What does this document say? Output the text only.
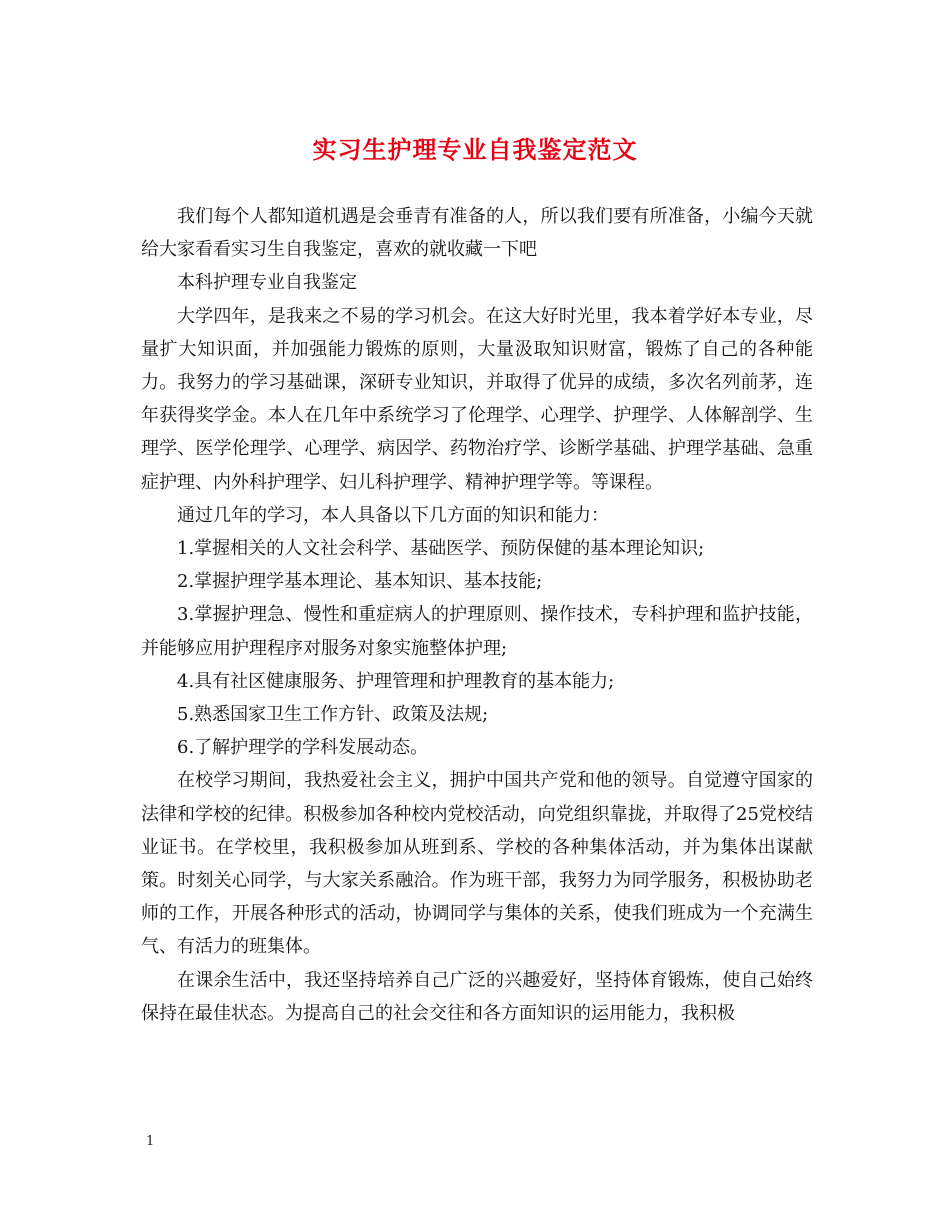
实习生护理专业自我鉴定范文

我们每个人都知道机遇是会垂青有准备的人，所以我们要有所准备，小编今天就给大家看看实习生自我鉴定，喜欢的就收藏一下吧

本科护理专业自我鉴定

大学四年，是我来之不易的学习机会。在这大好时光里，我本着学好本专业，尽量扩大知识面，并加强能力锻炼的原则，大量汲取知识财富，锻炼了自己的各种能力。我努力的学习基础课，深研专业知识，并取得了优异的成绩，多次名列前茅，连年获得奖学金。本人在几年中系统学习了伦理学、心理学、护理学、人体解剖学、生理学、医学伦理学、心理学、病因学、药物治疗学、诊断学基础、护理学基础、急重症护理、内外科护理学、妇儿科护理学、精神护理学等。等课程。

通过几年的学习，本人具备以下几方面的知识和能力：

1.掌握相关的人文社会科学、基础医学、预防保健的基本理论知识;

2.掌握护理学基本理论、基本知识、基本技能;

3.掌握护理急、慢性和重症病人的护理原则、操作技术，专科护理和监护技能，并能够应用护理程序对服务对象实施整体护理;

4.具有社区健康服务、护理管理和护理教育的基本能力;

5.熟悉国家卫生工作方针、政策及法规;

6.了解护理学的学科发展动态。

在校学习期间，我热爱社会主义，拥护中国共产党和他的领导。自觉遵守国家的法律和学校的纪律。积极参加各种校内党校活动，向党组织靠拢，并取得了25党校结业证书。在学校里，我积极参加从班到系、学校的各种集体活动，并为集体出谋献策。时刻关心同学，与大家关系融洽。作为班干部，我努力为同学服务，积极协助老师的工作，开展各种形式的活动，协调同学与集体的关系，使我们班成为一个充满生气、有活力的班集体。

在课余生活中，我还坚持培养自己广泛的兴趣爱好，坚持体育锻炼，使自己始终保持在最佳状态。为提高自己的社会交往和各方面知识的运用能力，我积极

1
